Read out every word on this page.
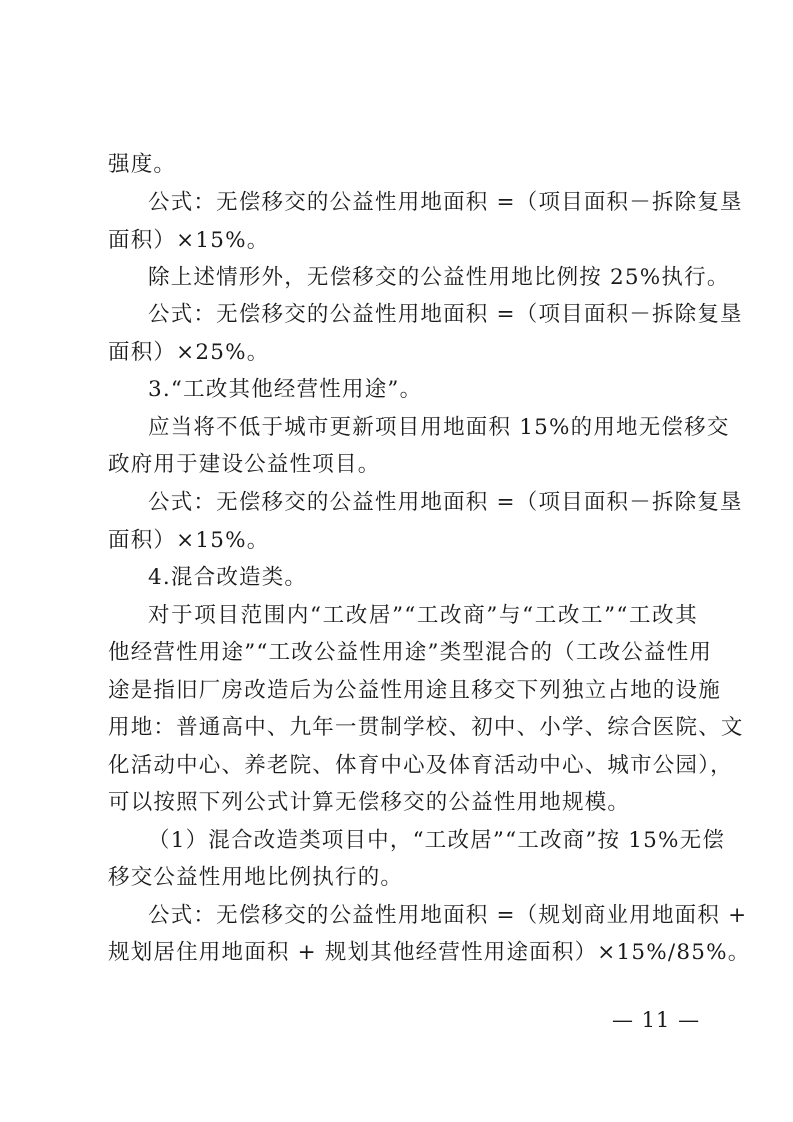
强度。
公式：无偿移交的公益性用地面积 =（项目面积－拆除复垦
面积）×15%。
除上述情形外，无偿移交的公益性用地比例按 25%执行。
公式：无偿移交的公益性用地面积 =（项目面积－拆除复垦
面积）×25%。
3.“工改其他经营性用途”。
应当将不低于城市更新项目用地面积 15%的用地无偿移交
政府用于建设公益性项目。
公式：无偿移交的公益性用地面积 =（项目面积－拆除复垦
面积）×15%。
4.混合改造类。
对于项目范围内“工改居”“工改商”与“工改工”“工改其
他经营性用途”“工改公益性用途”类型混合的（工改公益性用
途是指旧厂房改造后为公益性用途且移交下列独立占地的设施
用地：普通高中、九年一贯制学校、初中、小学、综合医院、文
化活动中心、养老院、体育中心及体育活动中心、城市公园），
可以按照下列公式计算无偿移交的公益性用地规模。
（1）混合改造类项目中，“工改居”“工改商”按 15%无偿
移交公益性用地比例执行的。
公式：无偿移交的公益性用地面积 =（规划商业用地面积 +
规划居住用地面积 + 规划其他经营性用途面积）×15%/85%。
— 11 —
